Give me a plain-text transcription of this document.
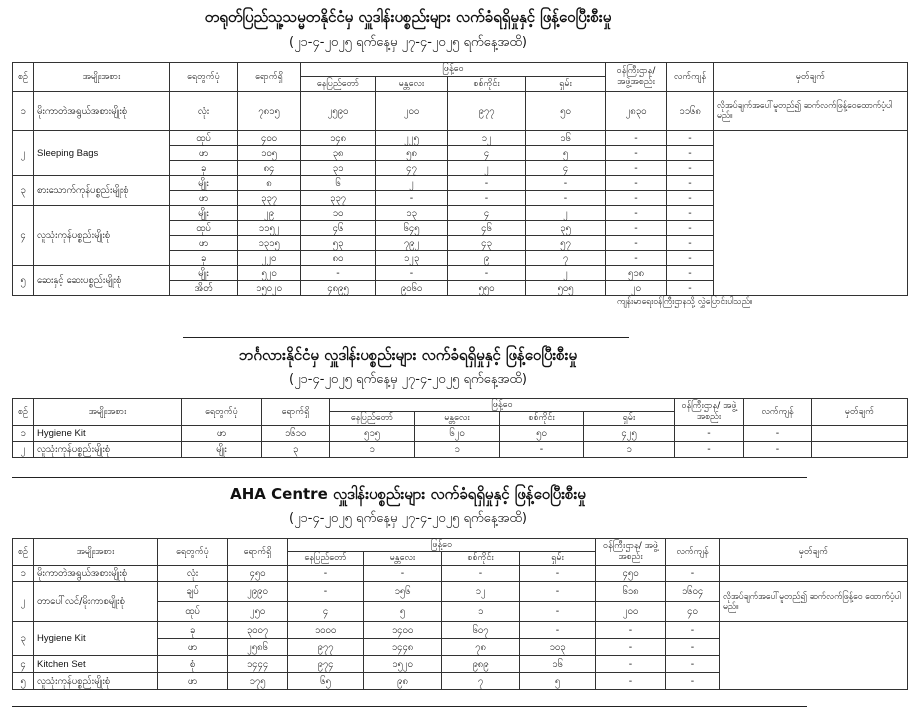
တရုတ်ပြည်သူ့သမ္မတနိုင်ငံမှ လှူဒါန်းပစ္စည်းများ လက်ခံရရှိမှုနှင့် ဖြန့်ဝေပြီးစီးမှု
(၂၁-၄-၂၀၂၅ ရက်နေ့မှ ၂၇-၄-၂၀၂၅ ရက်နေ့အထိ)
စဉ်	အမျိုးအစား	ရေတွက်ပုံ	ရောက်ရှိ	ဖြန့်ဝေ				ဝန်ကြီးဌာန/ အဖွဲ့အစည်း	လက်ကျန်	မှတ်ချက်
				နေပြည်တော်	မန္တလေး	စစ်ကိုင်း	ရှမ်း			
၁	မိုးကာတဲအရွယ်အစားမျိုးစုံ	လုံး	၇၈၁၅	၂၅၉၀	၂၀၀	၉၇၇	၅၀	၂၈၃၀	၁၁၆၈	လိုအပ်ချက်အပေါ်မူတည်၍ ဆက်လက်ဖြန့်ဝေထောက်ပံ့ပါမည်။
၂	Sleeping Bags	ထုပ်	၄၀၀	၁၄၈	၂၂၅	၁၂	၁၆	-	-	
		ဖာ	၁၀၅	၃၈	၅၈	၄	၅	-	-	
		ခု	၈၄	၃၁	၄၇	၂	၄	-	-	
၃	စားသောက်ကုန်ပစ္စည်းမျိုးစုံ	မျိုး	၈	၆	၂	-	-	-	-	
		ဖာ	၃၃၇	၃၃၇	-	-	-	-	-	
၄	လူသုံးကုန်ပစ္စည်းမျိုးစုံ	မျိုး	၂၉	၁၀	၁၃	၄	၂	-	-	
		ထုပ်	၁၁၅၂	၄၆	၆၄၅	၄၆	၃၅	-	-	
		ဖာ	၁၃၁၅	၅၃	၇၉၂	၄၃	၅၇	-	-	
		ခု	၂၂၀	၈၀	၁၂၃	၉	၇	-	-	
၅	ဆေးနှင့် ဆေးပစ္စည်းမျိုးစုံ	မျိုး	၅၂၀	-	-	-	၂	၅၁၈	-	
		အိတ်	၁၅၀၂၀	၄၈၉၅	၉၀၆၀	၅၅၀	၅၀၅	၂၀	-	
ကျန်းမာရေးဝန်ကြီးဌာနသို့ လွှဲပြောင်းပါသည်။
ဘင်္ဂလားနိုင်ငံမှ လှူဒါန်းပစ္စည်းများ လက်ခံရရှိမှုနှင့် ဖြန့်ဝေပြီးစီးမှု
(၂၁-၄-၂၀၂၅ ရက်နေ့မှ ၂၇-၄-၂၀၂၅ ရက်နေ့အထိ)
စဉ်	အမျိုးအစား	ရေတွက်ပုံ	ရောက်ရှိ	ဖြန့်ဝေ				ဝန်ကြီးဌာန/ အဖွဲ့အစည်း	လက်ကျန်	မှတ်ချက်
				နေပြည်တော်	မန္တလေး	စစ်ကိုင်း	ရှမ်း			
၁	Hygiene Kit	ဖာ	၁၆၁၀	၅၁၅	၆၂၀	၅၀	၄၂၅	-	-	
၂	လူသုံးကုန်ပစ္စည်းမျိုးစုံ	မျိုး	၃	၁	၁	-	၁	-	-	
AHA Centre လှူဒါန်းပစ္စည်းများ လက်ခံရရှိမှုနှင့် ဖြန့်ဝေပြီးစီးမှု
(၂၁-၄-၂၀၂၅ ရက်နေ့မှ ၂၇-၄-၂၀၂၅ ရက်နေ့အထိ)
စဉ်	အမျိုးအစား	ရေတွက်ပုံ	ရောက်ရှိ	ဖြန့်ဝေ				ဝန်ကြီးဌာန/ အဖွဲ့အစည်း	လက်ကျန်	မှတ်ချက်
				နေပြည်တော်	မန္တလေး	စစ်ကိုင်း	ရှမ်း			
၁	မိုးကာတဲအရွယ်အစားမျိုးစုံ	လုံး	၄၅၀	-	-	-	-	၄၅၀	-	
၂	တာပေါ်လင်/မိုးကာစမျိုးစုံ	ချပ်	၂၉၉၀	-	၁၅၆	၁၂	-	၆၁၈	၁၆၀၄	လိုအပ်ချက်အပေါ်မူတည်၍ ဆက်လက်ဖြန့်ဝေ ထောက်ပံ့ပါမည်။
		ထုပ်	၂၅၀	၄	၅	၁	-	၂၀၀	၄၀	
၃	Hygiene Kit	ခု	၃၀၀၇	၁၀၀၀	၁၄၀၀	၆၀၇	-	-	-	
		ဖာ	၂၅၈၆	၉၇၇	၁၄၄၈	၇၈	၁၀၃	-	-	
၄	Kitchen Set	စုံ	၁၄၄၄	၉၇၄	၁၅၂၀	၉၈၉	၁၆	-	-	
၅	လူသုံးကုန်ပစ္စည်းမျိုးစုံ	ဖာ	၁၇၅	၆၅	၉၈	၇	၅	-	-	
